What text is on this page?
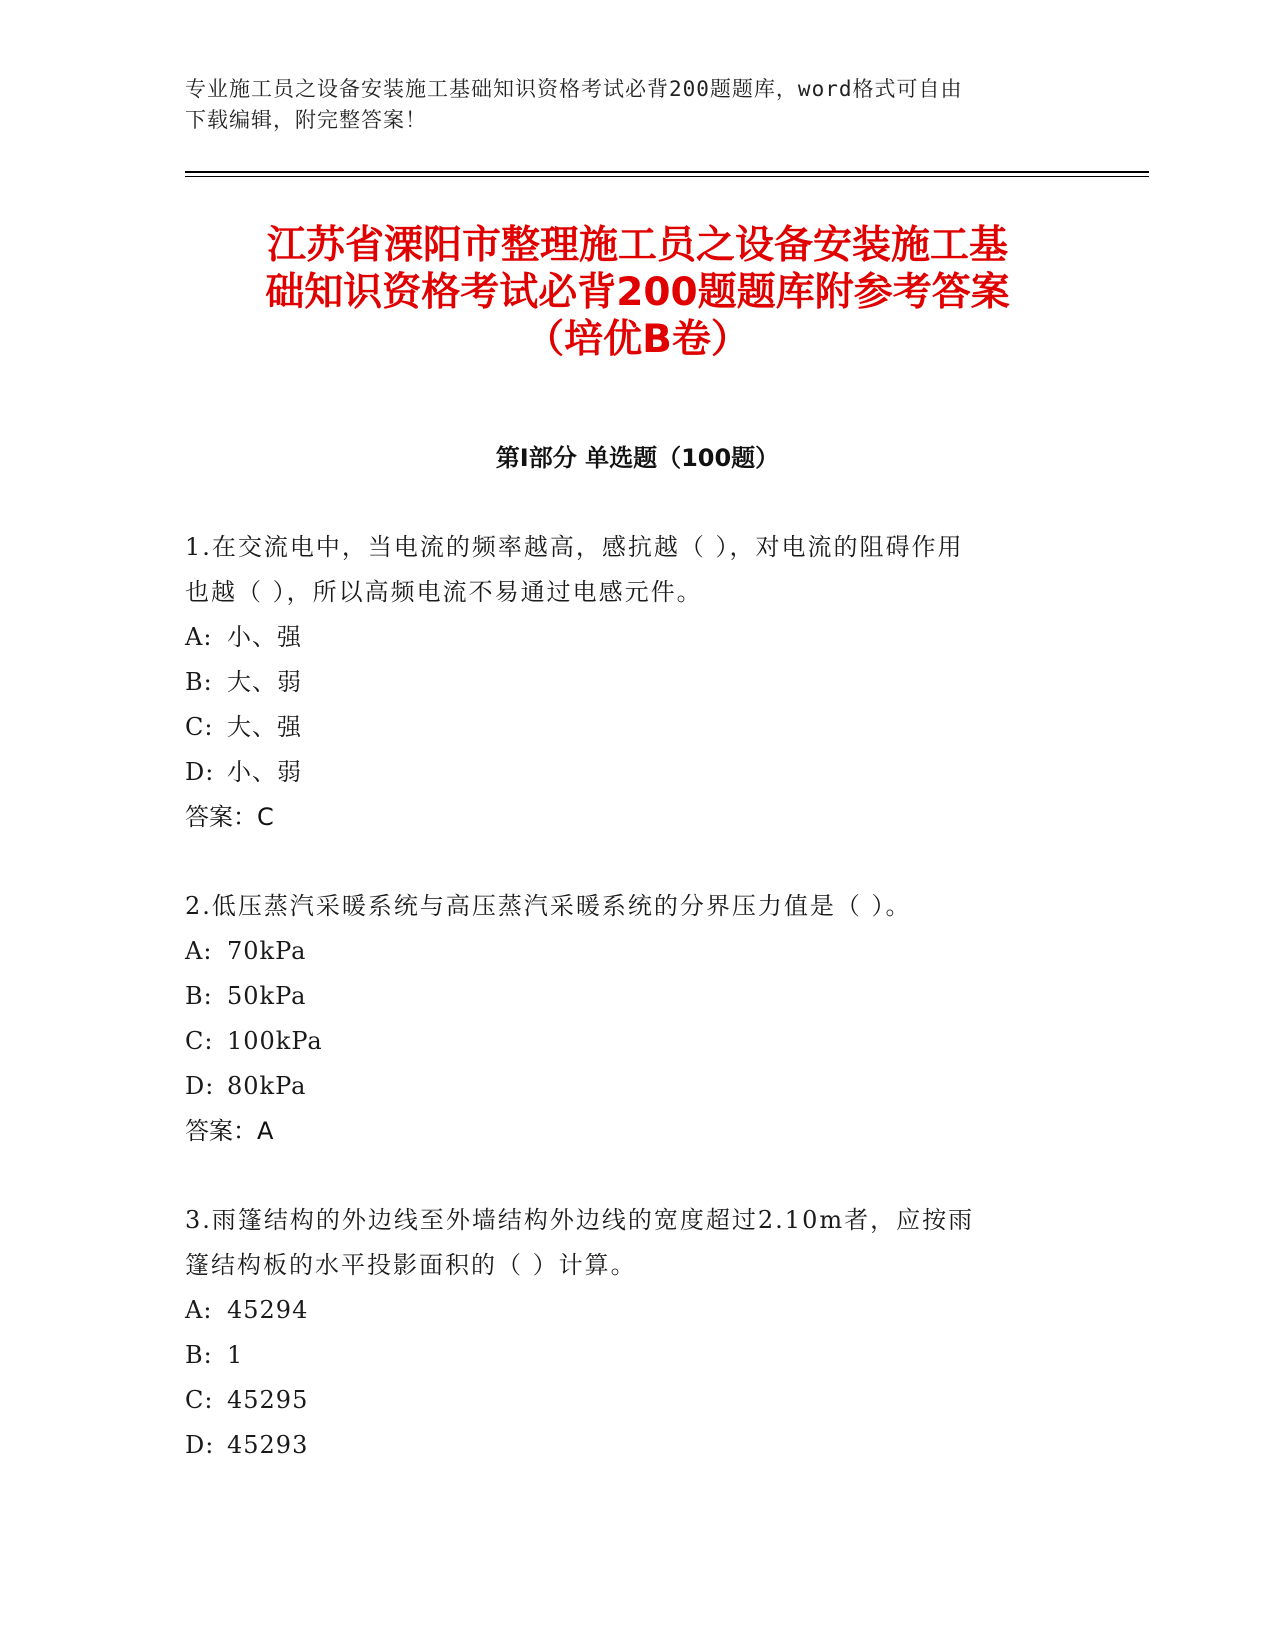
专业施工员之设备安装施工基础知识资格考试必背200题题库，word格式可自由
下载编辑，附完整答案！
江苏省溧阳市整理施工员之设备安装施工基
础知识资格考试必背200题题库附参考答案
（培优B卷）
第Ⅰ部分 单选题（100题）
1.在交流电中，当电流的频率越高，感抗越（ ），对电流的阻碍作用
也越（ ），所以高频电流不易通过电感元件。
A: 小、强
B: 大、弱
C: 大、强
D: 小、弱
答案：C
2.低压蒸汽采暖系统与高压蒸汽采暖系统的分界压力值是（ ）。
A: 70kPa
B: 50kPa
C: 100kPa
D: 80kPa
答案：A
3.雨篷结构的外边线至外墙结构外边线的宽度超过2.10m者，应按雨
篷结构板的水平投影面积的（ ）计算。
A: 45294
B: 1
C: 45295
D: 45293
